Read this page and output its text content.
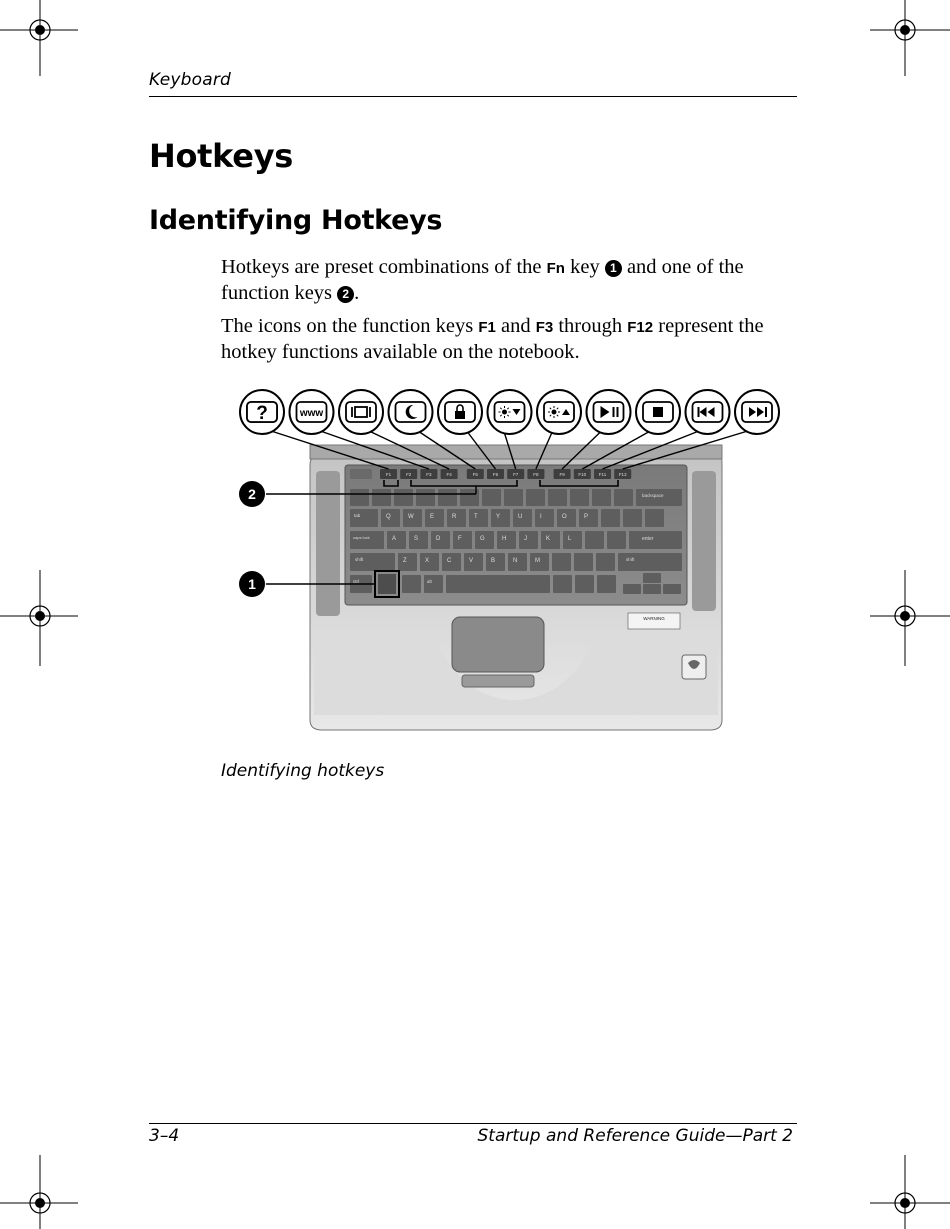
Keyboard
Hotkeys
Identifying Hotkeys

Hotkeys are preset combinations of the Fn key 1 and one of the function keys 2 .

The icons on the function keys F1 and F3 through F12 represent the hotkey functions available on the notebook.

F1	F2	F3	F4	F5	F6	F7	F8	F9	F10	F11	F12
backspace
tab	Q	W	E	R	T	Y	U	I	O	P
caps lock	A	S	D	F	G	H	J	K	L	enter
shift	Z	X	C	V	B	N	M	shift
ctrl	alt
WARNING
2
1
?	www
Identifying hotkeys
3–4	Startup and Reference Guide—Part 2
